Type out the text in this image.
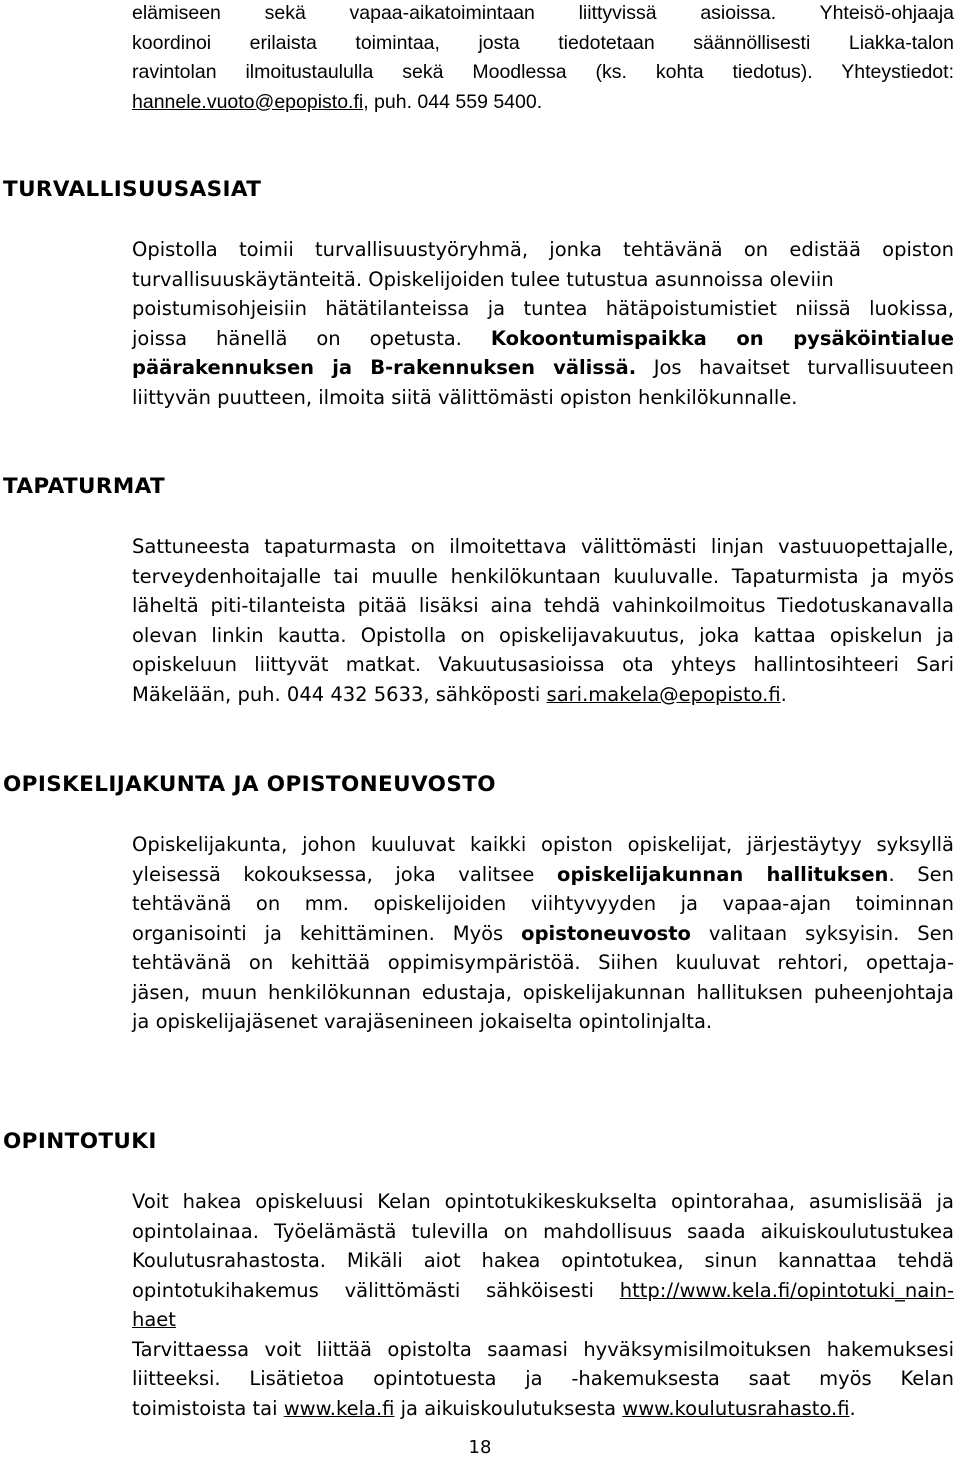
elämiseen sekä vapaa-aikatoimintaan liittyvissä asioissa. Yhteisö-ohjaaja
koordinoi erilaista toimintaa, josta tiedotetaan säännöllisesti Liakka-talon
ravintolan ilmoitustaululla sekä Moodlessa (ks. kohta tiedotus). Yhteystiedot:
hannele.vuoto@epopisto.fi, puh. 044 559 5400.
TURVALLISUUSASIAT
Opistolla toimii turvallisuustyöryhmä, jonka tehtävänä on edistää opiston
turvallisuuskäytänteitä. Opiskelijoiden tulee tutustua asunnoissa oleviin
poistumisohjeisiin hätätilanteissa ja tuntea hätäpoistumistiet niissä luokissa,
joissa hänellä on opetusta. Kokoontumispaikka on pysäköintialue
päärakennuksen ja B-rakennuksen välissä. Jos havaitset turvallisuuteen
liittyvän puutteen, ilmoita siitä välittömästi opiston henkilökunnalle.
TAPATURMAT
Sattuneesta tapaturmasta on ilmoitettava välittömästi linjan vastuuopettajalle,
terveydenhoitajalle tai muulle henkilökuntaan kuuluvalle. Tapaturmista ja myös
läheltä piti-tilanteista pitää lisäksi aina tehdä vahinkoilmoitus Tiedotuskanavalla
olevan linkin kautta. Opistolla on opiskelijavakuutus, joka kattaa opiskelun ja
opiskeluun liittyvät matkat. Vakuutusasioissa ota yhteys hallintosihteeri Sari
Mäkelään, puh. 044 432 5633, sähköposti sari.makela@epopisto.fi.
OPISKELIJAKUNTA JA OPISTONEUVOSTO
Opiskelijakunta, johon kuuluvat kaikki opiston opiskelijat, järjestäytyy syksyllä
yleisessä kokouksessa, joka valitsee opiskelijakunnan hallituksen. Sen
tehtävänä on mm. opiskelijoiden viihtyvyyden ja vapaa-ajan toiminnan
organisointi ja kehittäminen. Myös opistoneuvosto valitaan syksyisin. Sen
tehtävänä on kehittää oppimisympäristöä. Siihen kuuluvat rehtori, opettaja-
jäsen, muun henkilökunnan edustaja, opiskelijakunnan hallituksen puheenjohtaja
ja opiskelijajäsenet varajäsenineen jokaiselta opintolinjalta.
OPINTOTUKI
Voit hakea opiskeluusi Kelan opintotukikeskukselta opintorahaa, asumislisää ja
opintolainaa. Työelämästä tulevilla on mahdollisuus saada aikuiskoulutustukea
Koulutusrahastosta. Mikäli aiot hakea opintotukea, sinun kannattaa tehdä
opintotukihakemus välittömästi sähköisesti http://www.kela.fi/opintotuki_nain-
haet
Tarvittaessa voit liittää opistolta saamasi hyväksymisilmoituksen hakemuksesi
liitteeksi. Lisätietoa opintotuesta ja -hakemuksesta saat myös Kelan
toimistoista tai www.kela.fi ja aikuiskoulutuksesta www.koulutusrahasto.fi.
18
